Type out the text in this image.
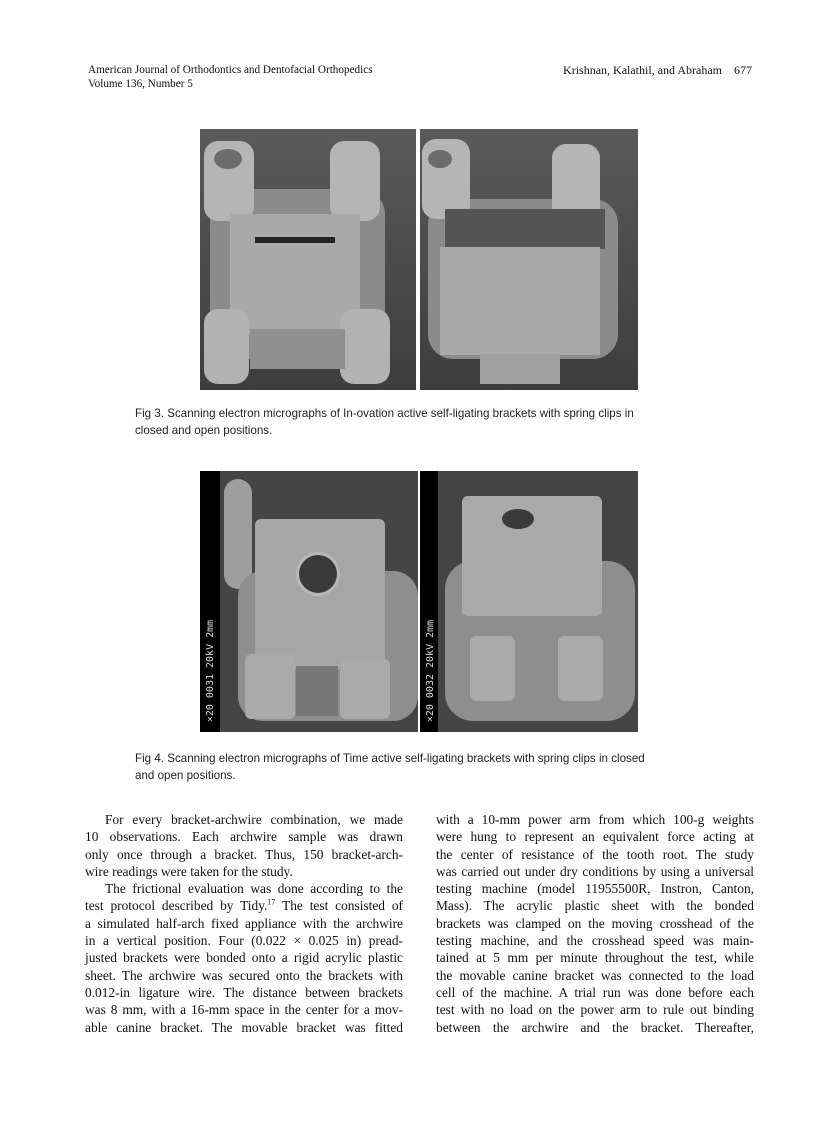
American Journal of Orthodontics and Dentofacial Orthopedics
Volume 136, Number 5
Krishnan, Kalathil, and Abraham 677
Fig 3. Scanning electron micrographs of In-ovation active self-ligating brackets with spring clips in
closed and open positions.
×20 0031 20kV 2mm	×20 0032 20kV 2mm
Fig 4. Scanning electron micrographs of Time active self-ligating brackets with spring clips in closed
and open positions.
For every bracket-archwire combination, we made
10 observations. Each archwire sample was drawn
only once through a bracket. Thus, 150 bracket-arch-
wire readings were taken for the study.
The frictional evaluation was done according to the
test protocol described by Tidy.$^{17}$ The test consisted of
a simulated half-arch fixed appliance with the archwire
in a vertical position. Four (0.022 × 0.025 in) pread-
justed brackets were bonded onto a rigid acrylic plastic
sheet. The archwire was secured onto the brackets with
0.012-in ligature wire. The distance between brackets
was 8 mm, with a 16-mm space in the center for a mov-
able canine bracket. The movable bracket was fitted
with a 10-mm power arm from which 100-g weights
were hung to represent an equivalent force acting at
the center of resistance of the tooth root. The study
was carried out under dry conditions by using a universal
testing machine (model 11955500R, Instron, Canton,
Mass). The acrylic plastic sheet with the bonded
brackets was clamped on the moving crosshead of the
testing machine, and the crosshead speed was main-
tained at 5 mm per minute throughout the test, while
the movable canine bracket was connected to the load
cell of the machine. A trial run was done before each
test with no load on the power arm to rule out binding
between the archwire and the bracket. Thereafter,
